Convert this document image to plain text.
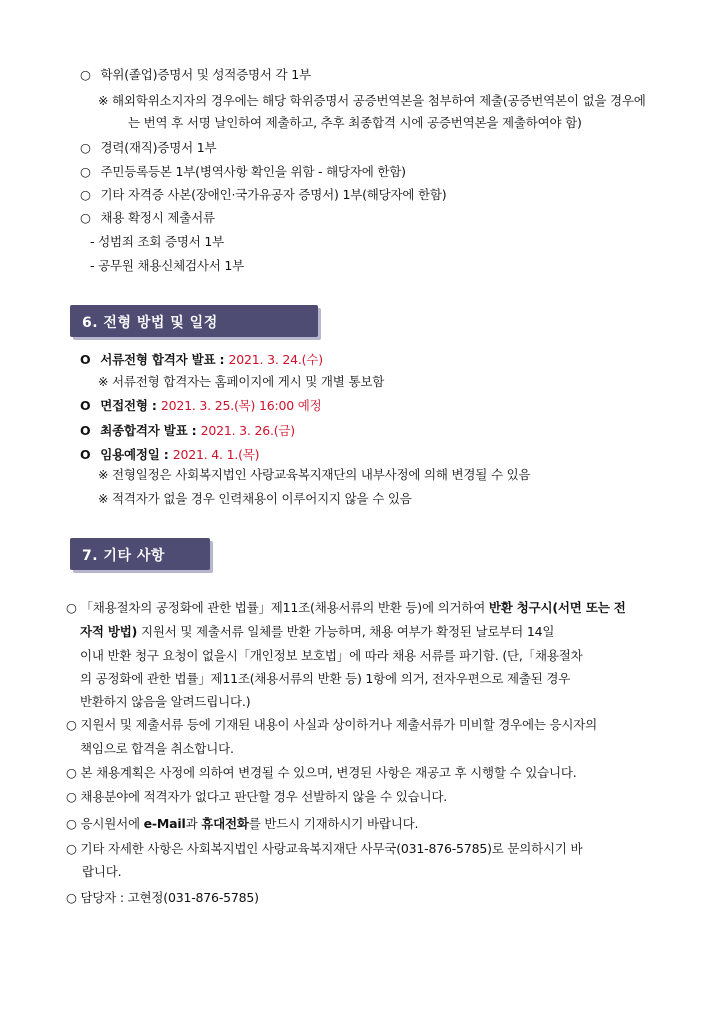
○ 학위(졸업)증명서 및 성적증명서 각 1부
※ 해외학위소지자의 경우에는 해당 학위증명서 공증번역본을 첨부하여 제출(공증번역본이 없을 경우에
는 번역 후 서명 날인하여 제출하고, 추후 최종합격 시에 공증번역본을 제출하여야 함)
○ 경력(재직)증명서 1부
○ 주민등록등본 1부(병역사항 확인을 위함 - 해당자에 한함)
○ 기타 자격증 사본(장애인·국가유공자 증명서) 1부(해당자에 한함)
○ 채용 확정시 제출서류
- 성범죄 조회 증명서 1부
- 공무원 채용신체검사서 1부
6. 전형 방법 및 일정
O 서류전형 합격자 발표 : 2021. 3. 24.(수)
※ 서류전형 합격자는 홈페이지에 게시 및 개별 통보함
O 면접전형 : 2021. 3. 25.(목) 16:00 예정
O 최종합격자 발표 : 2021. 3. 26.(금)
O 임용예정일 : 2021. 4. 1.(목)
※ 전형일정은 사회복지법인 사랑교육복지재단의 내부사정에 의해 변경될 수 있음
※ 적격자가 없을 경우 인력채용이 이루어지지 않을 수 있음
7. 기타 사항
○ 「채용절차의 공정화에 관한 법률」제11조(채용서류의 반환 등)에 의거하여 반환 청구시(서면 또는 전
자적 방법) 지원서 및 제출서류 일체를 반환 가능하며, 채용 여부가 확정된 날로부터 14일
이내 반환 청구 요청이 없을시「개인정보 보호법」에 따라 채용 서류를 파기함. (단,「채용절차
의 공정화에 관한 법률」제11조(채용서류의 반환 등) 1항에 의거, 전자우편으로 제출된 경우
반환하지 않음을 알려드립니다.)
○ 지원서 및 제출서류 등에 기재된 내용이 사실과 상이하거나 제출서류가 미비할 경우에는 응시자의
책임으로 합격을 취소합니다.
○ 본 채용계획은 사정에 의하여 변경될 수 있으며, 변경된 사항은 재공고 후 시행할 수 있습니다.
○ 채용분야에 적격자가 없다고 판단할 경우 선발하지 않을 수 있습니다.
○ 응시원서에 e-Mail과 휴대전화를 반드시 기재하시기 바랍니다.
○ 기타 자세한 사항은 사회복지법인 사랑교육복지재단 사무국(031-876-5785)로 문의하시기 바
랍니다.
○ 담당자 : 고현정(031-876-5785)
